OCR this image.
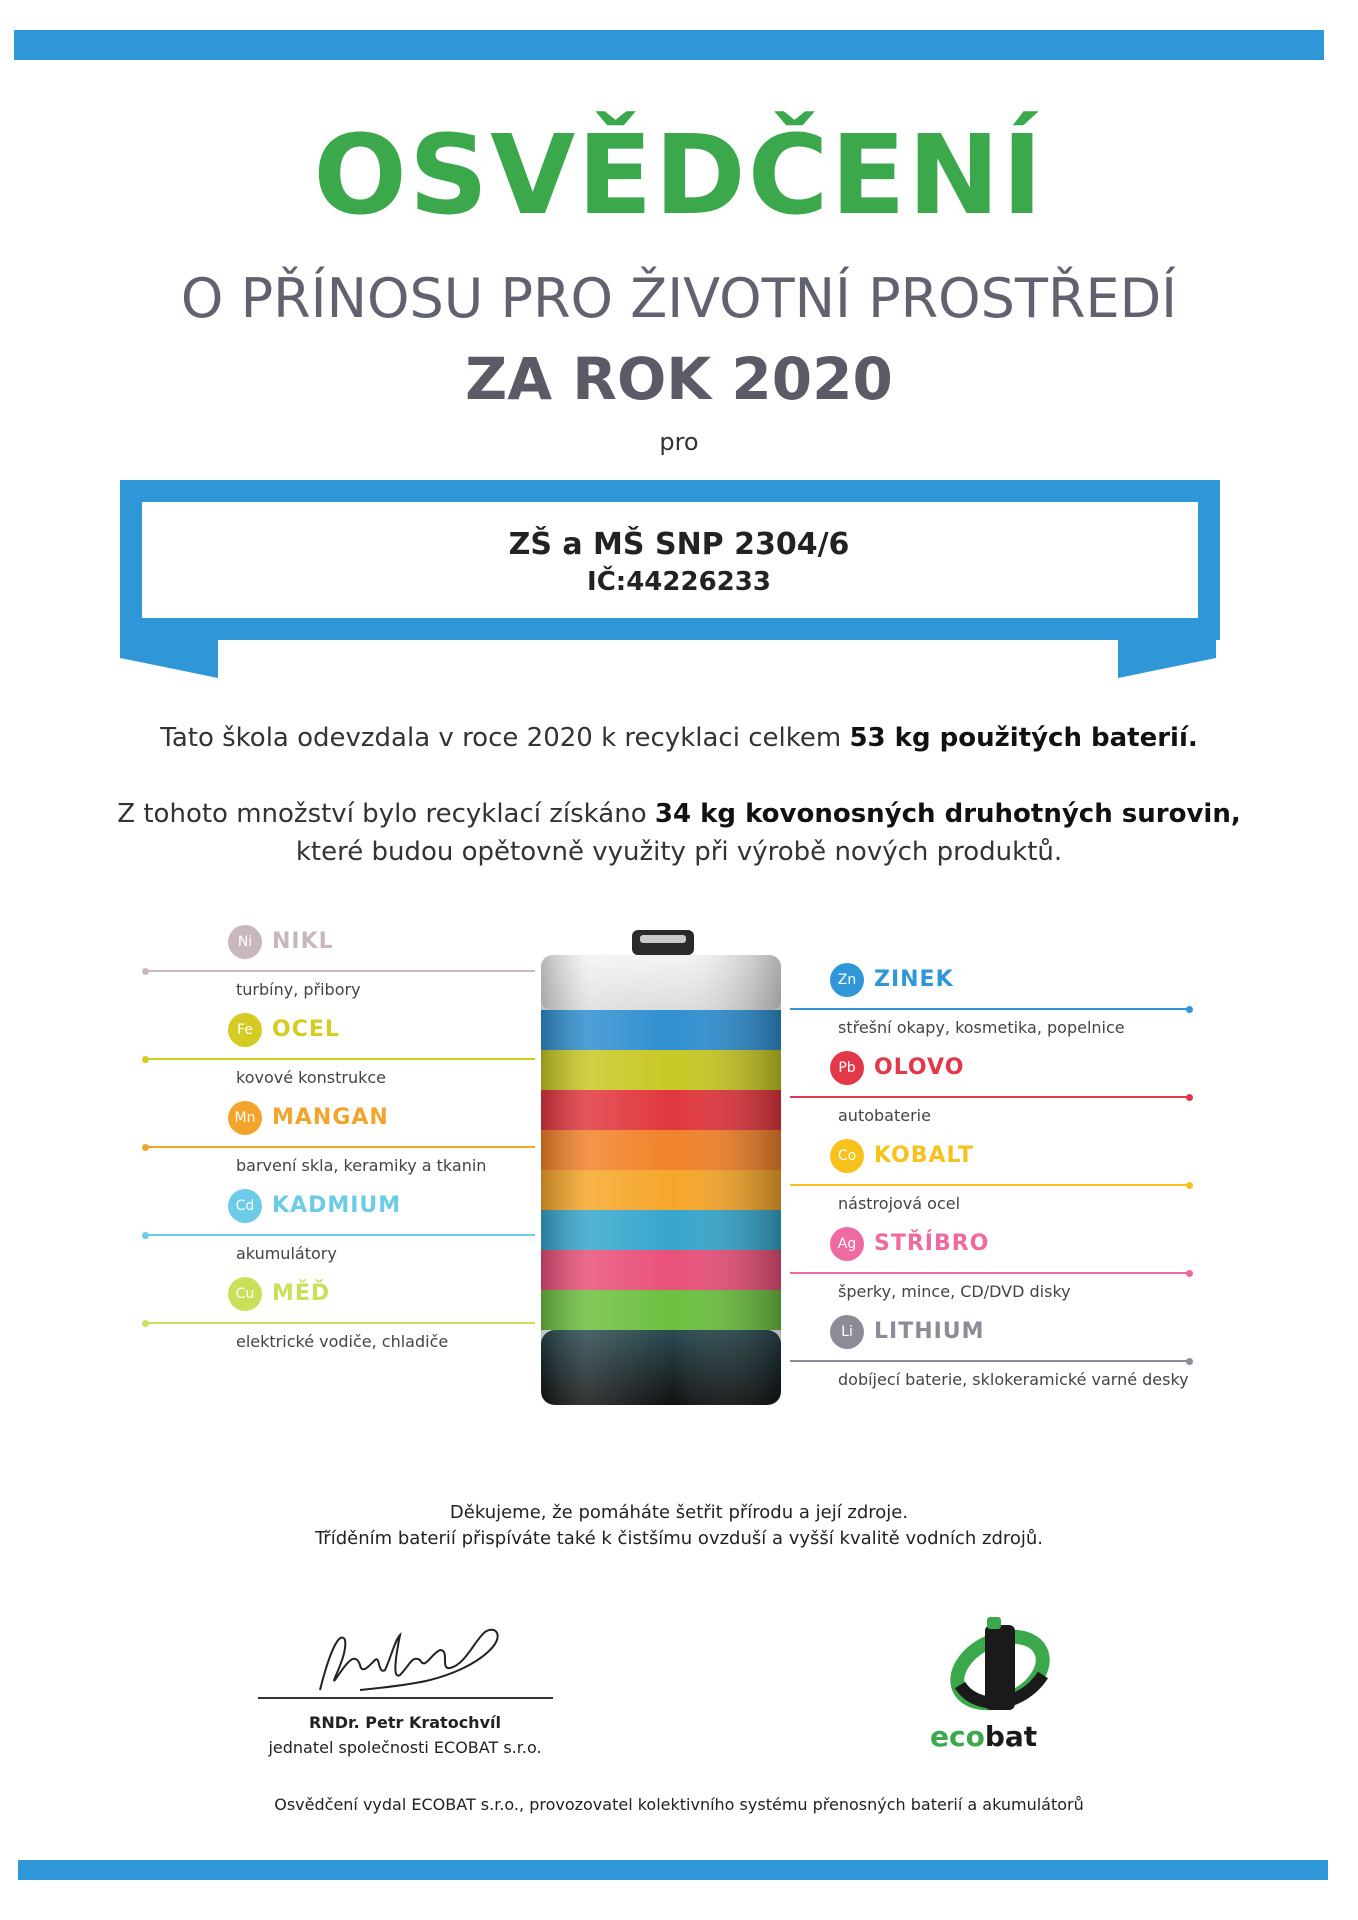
OSVĚDČENÍ
O PŘÍNOSU PRO ŽIVOTNÍ PROSTŘEDÍ
ZA ROK 2020
pro
ZŠ a MŠ SNP 2304/6
IČ:44226233
Tato škola odevzdala v roce 2020 k recyklaci celkem 53 kg použitých baterií.
Z tohoto množství bylo recyklací získáno 34 kg kovonosných druhotných surovin,
které budou opětovně využity při výrobě nových produktů.
Ni NIKL
turbíny, přibory
Fe OCEL
kovové konstrukce
Mn MANGAN
barvení skla, keramiky a tkanin
Cd KADMIUM
akumulátory
Cu MĚĎ
elektrické vodiče, chladiče
Zn ZINEK
střešní okapy, kosmetika, popelnice
Pb OLOVO
autobaterie
Co KOBALT
nástrojová ocel
Ag STŘÍBRO
šperky, mince, CD/DVD disky
Li LITHIUM
dobíjecí baterie, sklokeramické varné desky
Děkujeme, že pomáháte šetřit přírodu a její zdroje.
Tříděním baterií přispíváte také k čistšímu ovzduší a vyšší kvalitě vodních zdrojů.
RNDr. Petr Kratochvíl
jednatel společnosti ECOBAT s.r.o.	ecobat
Osvědčení vydal ECOBAT s.r.o., provozovatel kolektivního systému přenosných baterií a akumulátorů
